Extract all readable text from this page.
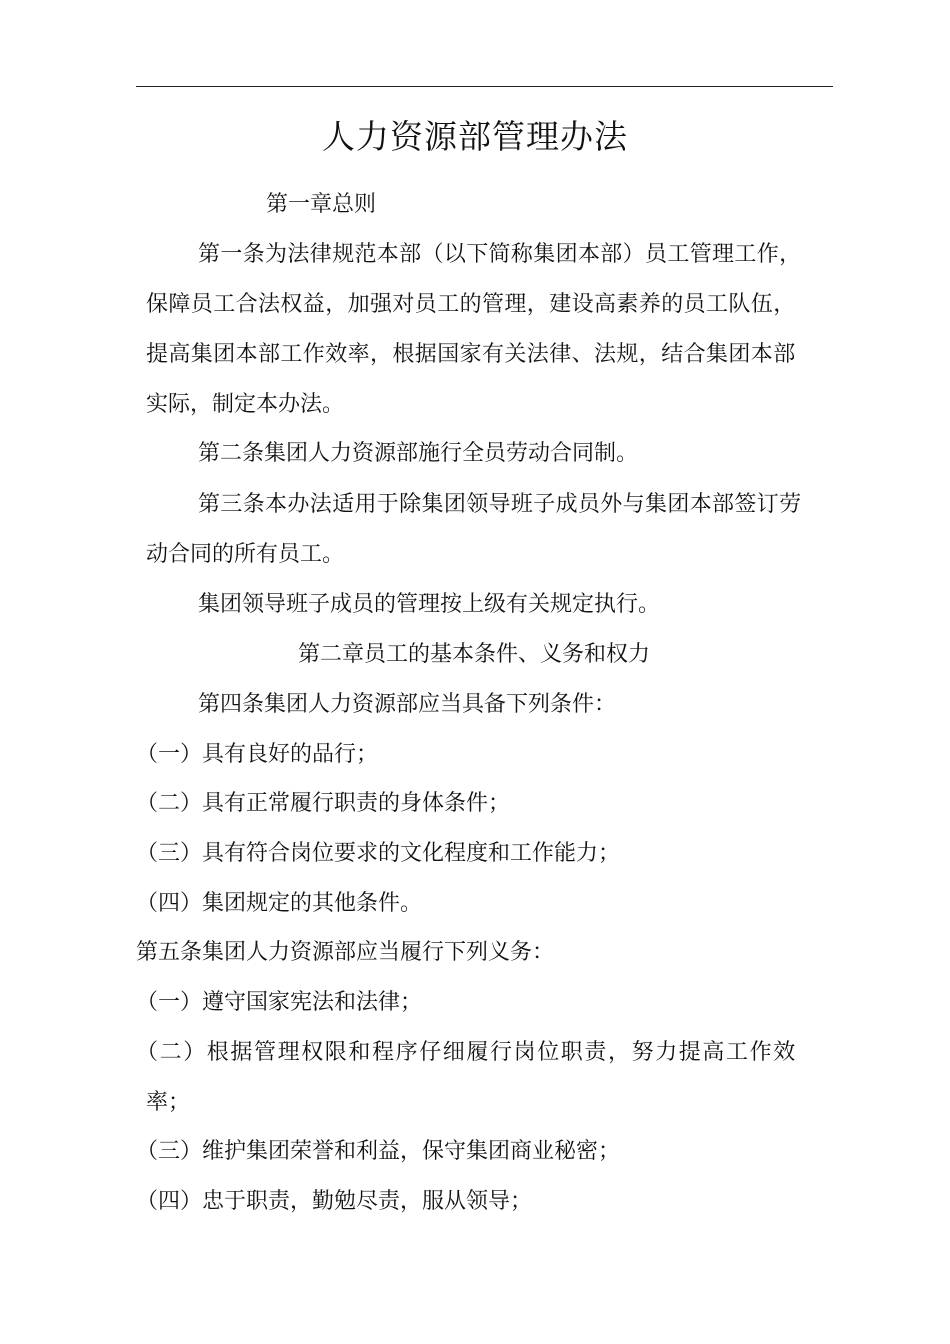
人力资源部管理办法
第一章总则
第一条为法律规范本部（以下简称集团本部）员工管理工作，
保障员工合法权益，加强对员工的管理，建设高素养的员工队伍，
提高集团本部工作效率，根据国家有关法律、法规，结合集团本部
实际，制定本办法。
第二条集团人力资源部施行全员劳动合同制。
第三条本办法适用于除集团领导班子成员外与集团本部签订劳
动合同的所有员工。
集团领导班子成员的管理按上级有关规定执行。
第二章员工的基本条件、义务和权力
第四条集团人力资源部应当具备下列条件：
（一）具有良好的品行；
（二）具有正常履行职责的身体条件；
（三）具有符合岗位要求的文化程度和工作能力；
（四）集团规定的其他条件。
第五条集团人力资源部应当履行下列义务：
（一）遵守国家宪法和法律；
（二）根据管理权限和程序仔细履行岗位职责，努力提高工作效
率；
（三）维护集团荣誉和利益，保守集团商业秘密；
（四）忠于职责，勤勉尽责，服从领导；
